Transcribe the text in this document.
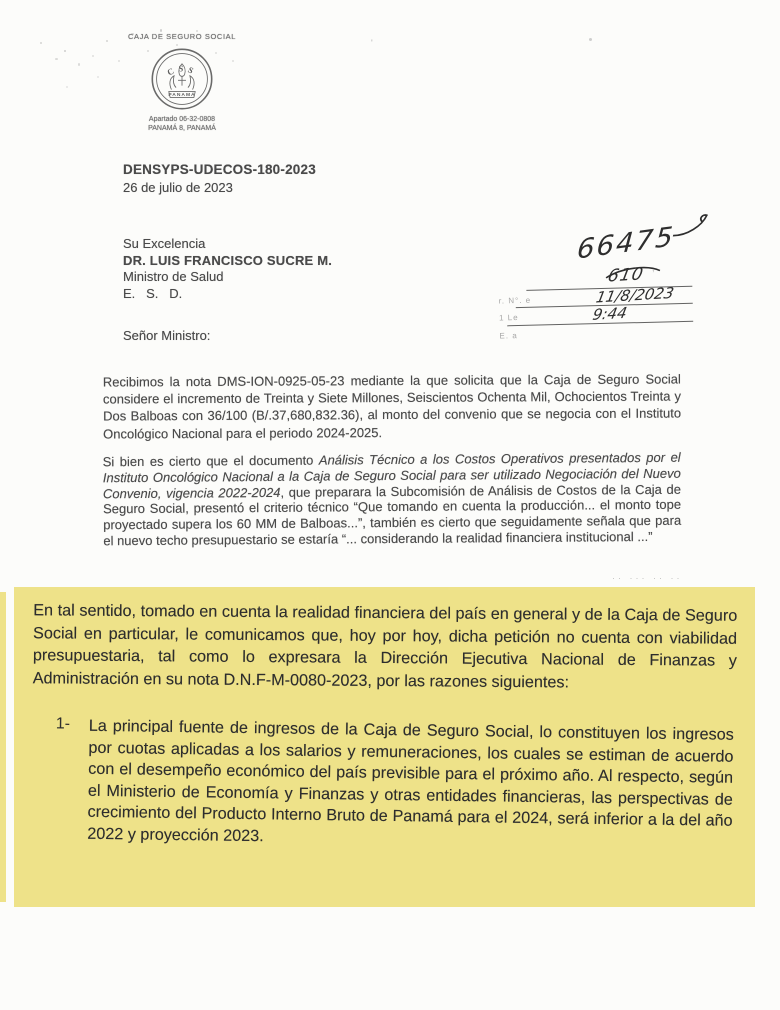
'
,
·· ··· ·· ··
CAJA DE SEGURO SOCIAL
CSS
PANAMÁ
Apartado 06-32-0808
PANAMÁ 8, PANAMÁ
DENSYPS-UDECOS-180-2023
26 de julio de 2023
Su Excelencia
DR. LUIS FRANCISCO SUCRE M.
Ministro de Salud
E.   S.   D.
66475
r. N°. e
610
1 Le
11/8/2023
E. a
9:44
Señor Ministro:

Recibimos la nota DMS-ION-0925-05-23 mediante la que solicita que la Caja de Seguro Social considere el incremento de Treinta y Siete Millones, Seiscientos Ochenta Mil, Ochocientos Treinta y Dos Balboas con 36/100 (B/.37,680,832.36), al monto del convenio que se negocia con el Instituto Oncológico Nacional para el periodo 2024-2025.

Si bien es cierto que el documento Análisis Técnico a los Costos Operativos presentados por el Instituto Oncológico Nacional a la Caja de Seguro Social para ser utilizado Negociación del Nuevo Convenio, vigencia 2022-2024, que preparara la Subcomisión de Análisis de Costos de la Caja de Seguro Social, presentó el criterio técnico “Que tomando en cuenta la producción... el monto tope proyectado supera los 60 MM de Balboas...”, también es cierto que seguidamente señala que para el nuevo techo presupuestario se estaría “... considerando la realidad financiera institucional ...”

En tal sentido, tomado en cuenta la realidad financiera del país en general y de la Caja de Seguro Social en particular, le comunicamos que, hoy por hoy, dicha petición no cuenta con viabilidad presupuestaria, tal como lo expresara la Dirección Ejecutiva Nacional de Finanzas y Administración en su nota D.N.F-M-0080-2023, por las razones siguientes:
1-	La principal fuente de ingresos de la Caja de Seguro Social, lo constituyen los ingresos por cuotas aplicadas a los salarios y remuneraciones, los cuales se estiman de acuerdo con el desempeño económico del país previsible para el próximo año. Al respecto, según el Ministerio de Economía y Finanzas y otras entidades financieras, las perspectivas de crecimiento del Producto Interno Bruto de Panamá para el 2024, será inferior a la del año 2022 y proyección 2023.
